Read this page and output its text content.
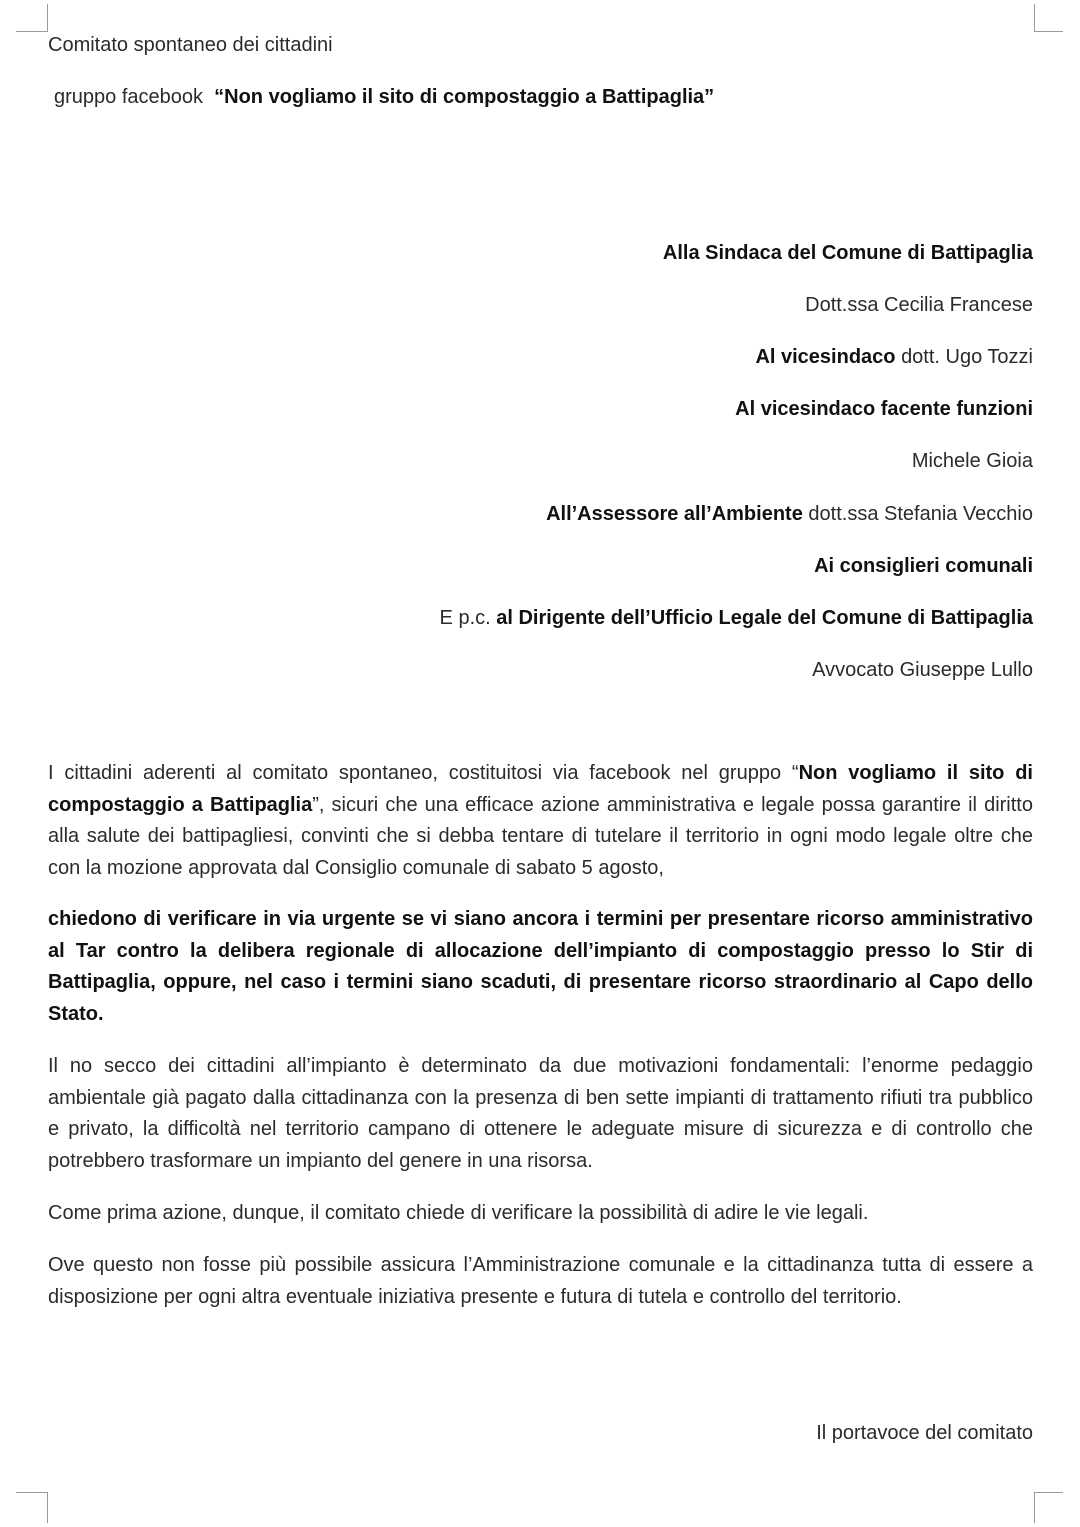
Comitato spontaneo dei cittadini
gruppo facebook “Non vogliamo il sito di compostaggio a Battipaglia”
Alla Sindaca del Comune di Battipaglia
Dott.ssa Cecilia Francese
Al vicesindaco dott. Ugo Tozzi
Al vicesindaco facente funzioni
Michele Gioia
All’Assessore all’Ambiente dott.ssa Stefania Vecchio
Ai consiglieri comunali
E p.c. al Dirigente dell’Ufficio Legale del Comune di Battipaglia
Avvocato Giuseppe Lullo
I cittadini aderenti al comitato spontaneo, costituitosi via facebook nel gruppo “Non vogliamo il sito di compostaggio a Battipaglia”, sicuri che una efficace azione amministrativa e legale possa garantire il diritto alla salute dei battipagliesi, convinti che si debba tentare di tutelare il territorio in ogni modo legale oltre che con la mozione approvata dal Consiglio comunale di sabato 5 agosto,
chiedono di verificare in via urgente se vi siano ancora i termini per presentare ricorso amministrativo al Tar contro la delibera regionale di allocazione dell’impianto di compostaggio presso lo Stir di Battipaglia, oppure, nel caso i termini siano scaduti, di presentare ricorso straordinario al Capo dello Stato.
Il no secco dei cittadini all’impianto è determinato da due motivazioni fondamentali: l’enorme pedaggio ambientale già pagato dalla cittadinanza con la presenza di ben sette impianti di trattamento rifiuti tra pubblico e privato, la difficoltà nel territorio campano di ottenere le adeguate misure di sicurezza e di controllo che potrebbero trasformare un impianto del genere in una risorsa.
Come prima azione, dunque, il comitato chiede di verificare la possibilità di adire le vie legali.
Ove questo non fosse più possibile assicura l’Amministrazione comunale e la cittadinanza tutta di essere a disposizione per ogni altra eventuale iniziativa presente e futura di tutela e controllo del territorio.
Il portavoce del comitato
